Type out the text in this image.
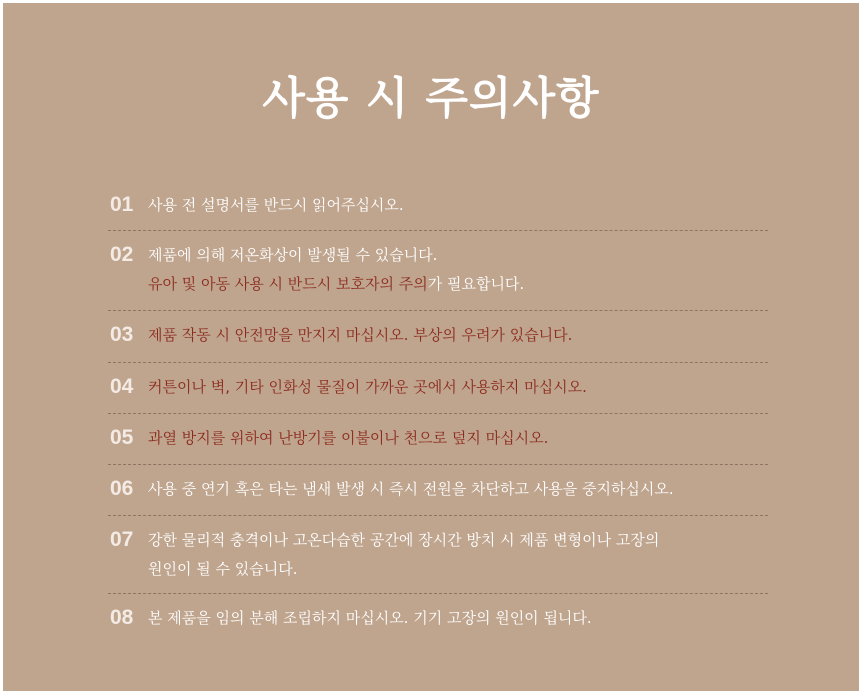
사용 시 주의사항
01 사용 전 설명서를 반드시 읽어주십시오.
02 제품에 의해 저온화상이 발생될 수 있습니다.
유아 및 아동 사용 시 반드시 보호자의 주의가 필요합니다.
03 제품 작동 시 안전망을 만지지 마십시오. 부상의 우려가 있습니다.
04 커튼이나 벽, 기타 인화성 물질이 가까운 곳에서 사용하지 마십시오.
05 과열 방지를 위하여 난방기를 이불이나 천으로 덮지 마십시오.
06 사용 중 연기 혹은 타는 냄새 발생 시 즉시 전원을 차단하고 사용을 중지하십시오.
07 강한 물리적 충격이나 고온다습한 공간에 장시간 방치 시 제품 변형이나 고장의
원인이 될 수 있습니다.
08 본 제품을 임의 분해 조립하지 마십시오. 기기 고장의 원인이 됩니다.
